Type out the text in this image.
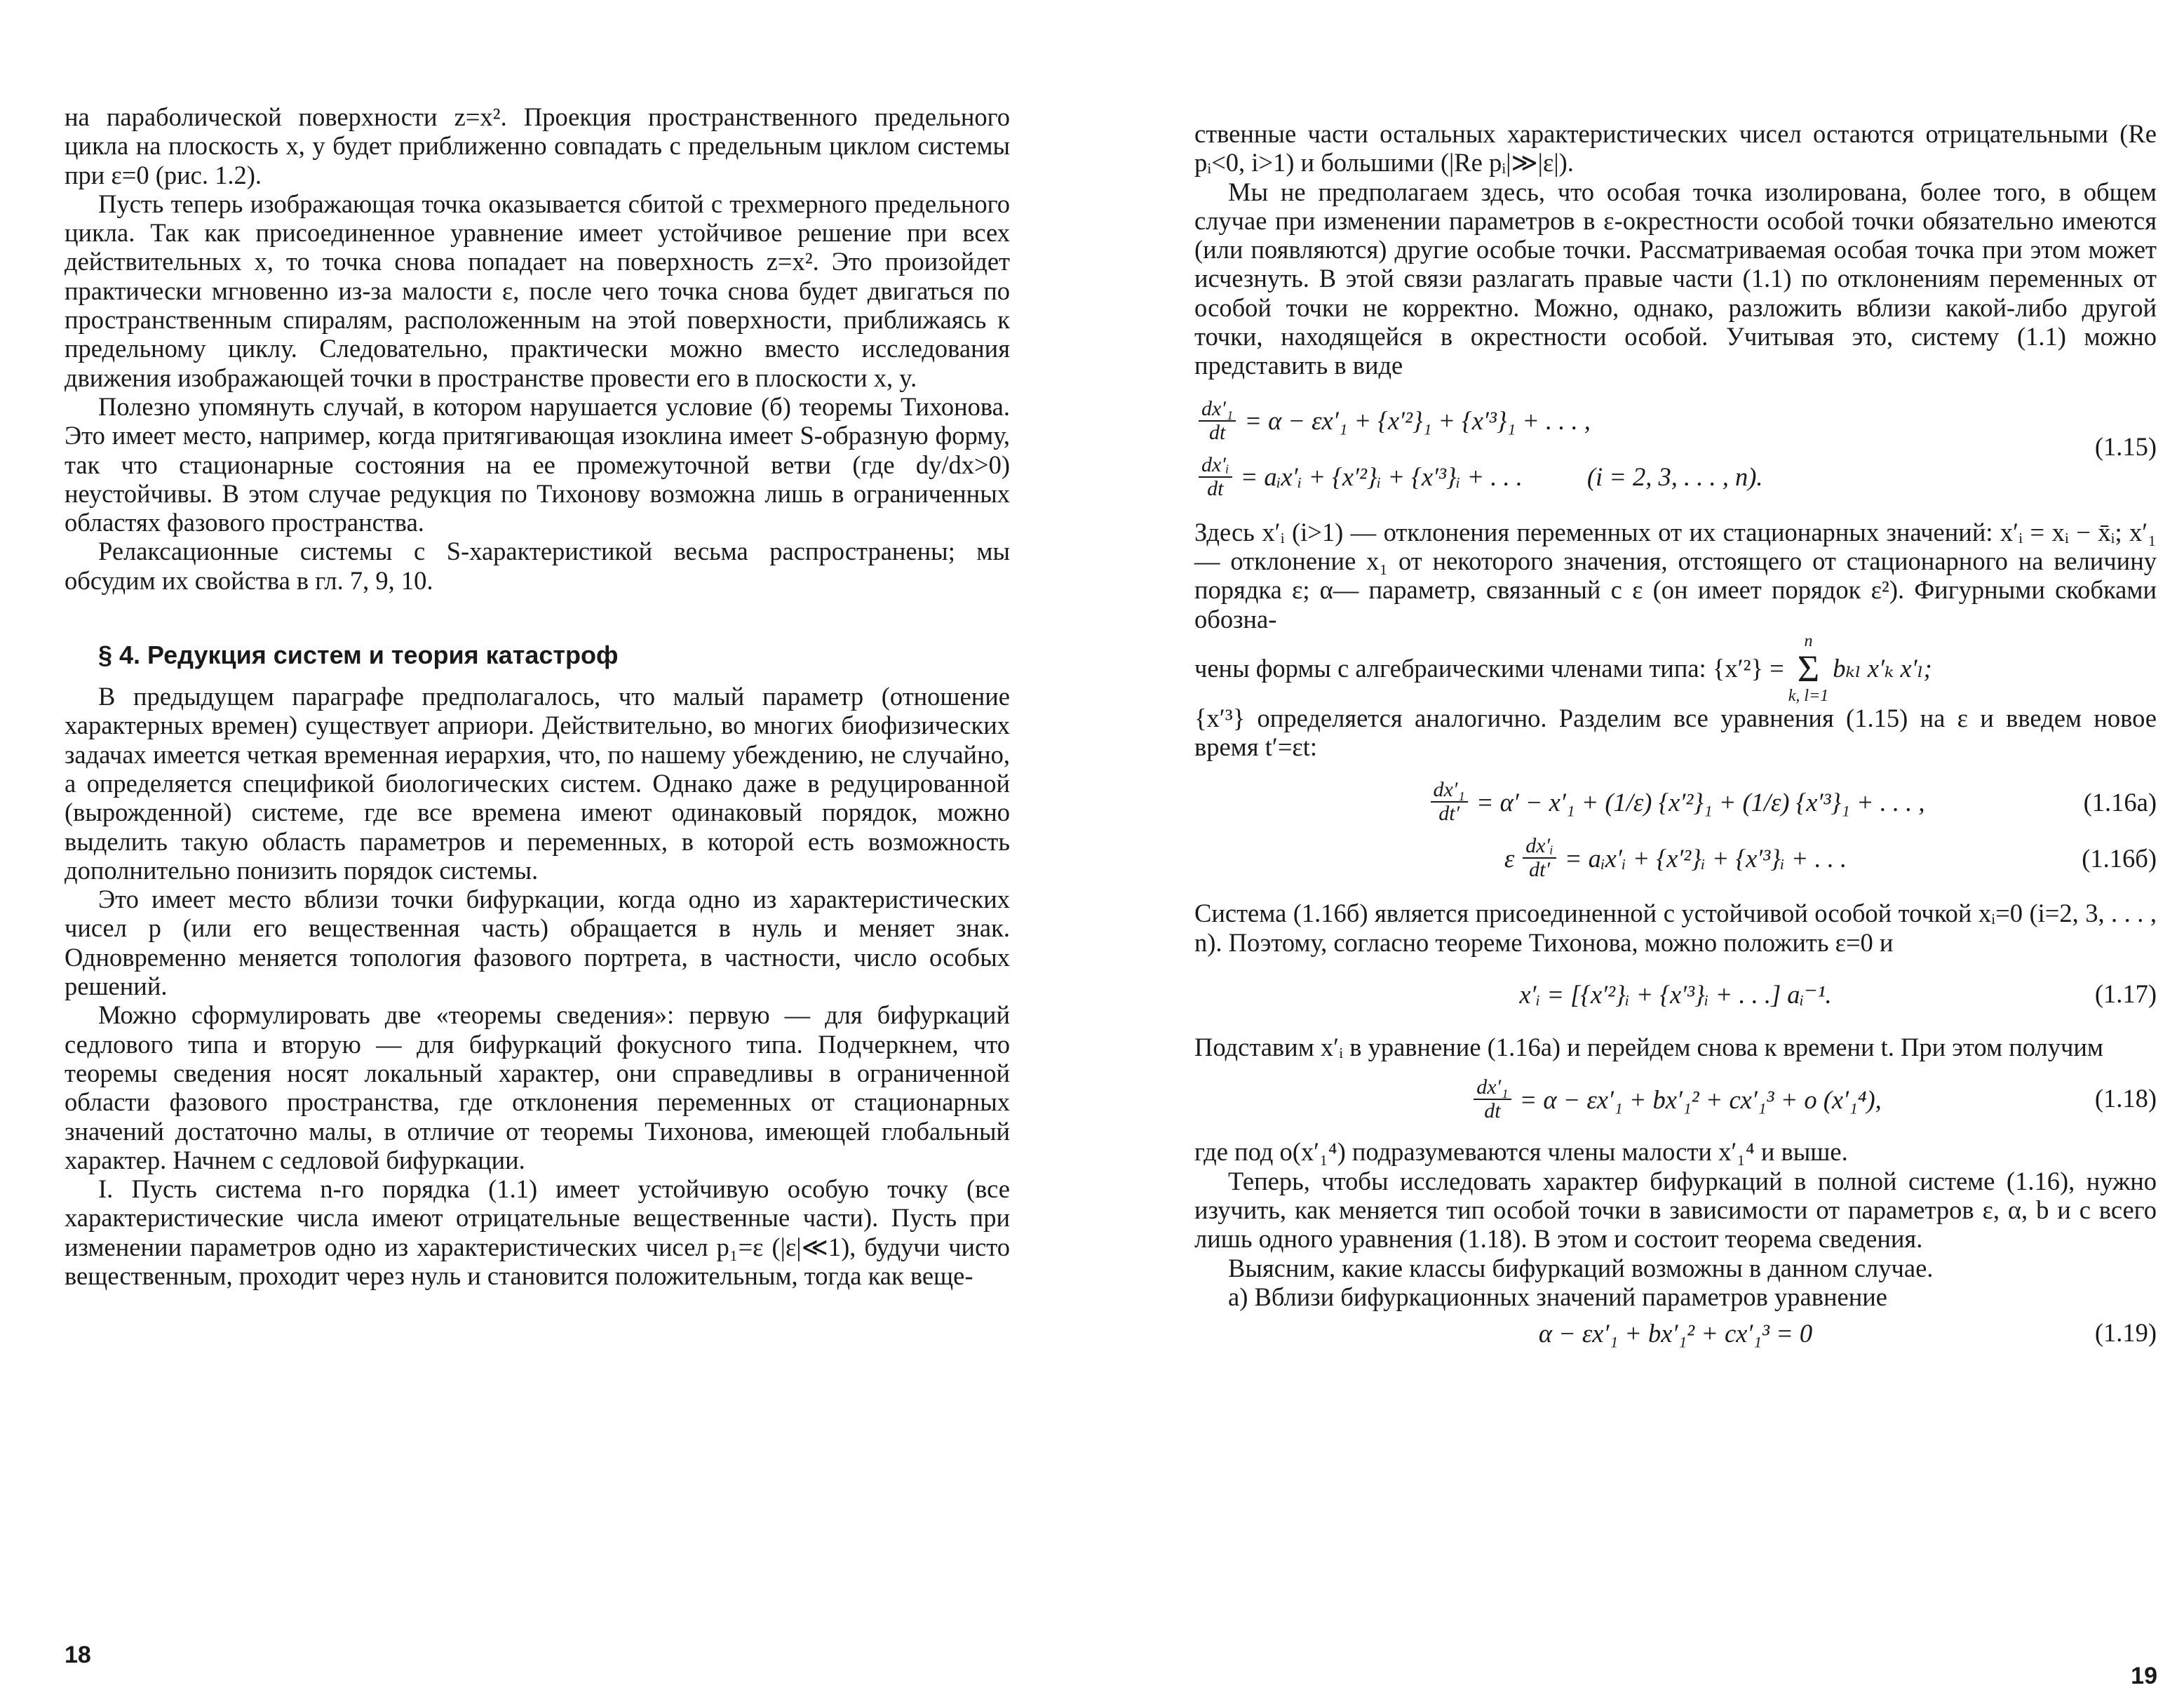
на параболической поверхности z=x². Проекция пространственного предельного цикла на плоскость x, y будет приближенно совпадать с предельным циклом системы при ε=0 (рис. 1.2).

Пусть теперь изображающая точка оказывается сбитой с трехмерного предельного цикла. Так как присоединенное уравнение имеет устойчивое решение при всех действительных x, то точка снова попадает на поверхность z=x². Это произойдет практически мгновенно из-за малости ε, после чего точка снова будет двигаться по пространственным спиралям, расположенным на этой поверхности, приближаясь к предельному циклу. Следовательно, практически можно вместо исследования движения изображающей точки в пространстве провести его в плоскости x, y.

Полезно упомянуть случай, в котором нарушается условие (б) теоремы Тихонова. Это имеет место, например, когда притягивающая изоклина имеет S-образную форму, так что стационарные состояния на ее промежуточной ветви (где dy/dx>0) неустойчивы. В этом случае редукция по Тихонову возможна лишь в ограниченных областях фазового пространства.

Релаксационные системы с S-характеристикой весьма распространены; мы обсудим их свойства в гл. 7, 9, 10.

§ 4. Редукция систем и теория катастроф

В предыдущем параграфе предполагалось, что малый параметр (отношение характерных времен) существует априори. Действительно, во многих биофизических задачах имеется четкая временная иерархия, что, по нашему убеждению, не случайно, а определяется спецификой биологических систем. Однако даже в редуцированной (вырожденной) системе, где все времена имеют одинаковый порядок, можно выделить такую область параметров и переменных, в которой есть возможность дополнительно понизить порядок системы.

Это имеет место вблизи точки бифуркации, когда одно из характеристических чисел p (или его вещественная часть) обращается в нуль и меняет знак. Одновременно меняется топология фазового портрета, в частности, число особых решений.

Можно сформулировать две «теоремы сведения»: первую — для бифуркаций седлового типа и вторую — для бифуркаций фокусного типа. Подчеркнем, что теоремы сведения носят локальный характер, они справедливы в ограниченной области фазового пространства, где отклонения переменных от стационарных значений достаточно малы, в отличие от теоремы Тихонова, имеющей глобальный характер. Начнем с седловой бифуркации.

I. Пусть система n-го порядка (1.1) имеет устойчивую особую точку (все характеристические числа имеют отрицательные вещественные части). Пусть при изменении параметров одно из характеристических чисел p₁=ε (|ε|≪1), будучи чисто вещественным, проходит через нуль и становится положительным, тогда как веще-

18

ственные части остальных характеристических чисел остаются отрицательными (Re pᵢ<0, i>1) и большими (|Re pᵢ|≫|ε|).

Мы не предполагаем здесь, что особая точка изолирована, более того, в общем случае при изменении параметров в ε-окрестности особой точки обязательно имеются (или появляются) другие особые точки. Рассматриваемая особая точка при этом может исчезнуть. В этой связи разлагать правые части (1.1) по отклонениям переменных от особой точки не корректно. Можно, однако, разложить вблизи какой-либо другой точки, находящейся в окрестности особой. Учитывая это, систему (1.1) можно представить в виде

$\frac{\text{dx′₁}}{dt} = \alpha - \varepsilon x'_1 + \{x'^2\}_1 + \{x'^3\}_1$ + . . . ,
$\frac{\text{dx′ᵢ}}{dt}$ = aᵢx′ᵢ + {x′²}ᵢ + {x′³}ᵢ + . . .	(i = 2, 3, . . . , n).
(1.15)

Здесь x′ᵢ (i>1) — отклонения переменных от их стационарных значений: x′ᵢ = xᵢ − x̄ᵢ; x′₁ — отклонение x₁ от некоторого значения, отстоящего от стационарного на величину порядка ε; α— параметр, связанный с ε (он имеет порядок ε²). Фигурными скобками обозна-

чены формы с алгебраическими членами типа: {x′²} =
n
Σ
k, l=1
bₖₗ x′ₖ x′ₗ;

{x′³} определяется аналогично. Разделим все уравнения (1.15) на ε и введем новое время t′=εt:

$\frac{\text{dx′₁}}{dt'} = \alpha' - x'_1 + (1/\varepsilon) \{x'^2\}_1 + (1/\varepsilon) \{x'^3\}_1$ + . . . ,	(1.16а)
ε $\frac{\text{dx′ᵢ}}{dt'}$ = aᵢx′ᵢ + {x′²}ᵢ + {x′³}ᵢ + . . .	(1.16б)

Система (1.16б) является присоединенной с устойчивой особой точкой xᵢ=0 (i=2, 3, . . . , n). Поэтому, согласно теореме Тихонова, можно положить ε=0 и

x′ᵢ = [{x′²}ᵢ + {x′³}ᵢ + . . .] aᵢ⁻¹.	(1.17)

Подставим x′ᵢ в уравнение (1.16а) и перейдем снова к времени t. При этом получим

$\frac{\text{dx′₁}}{dt} = \alpha - \varepsilon x'_1 + bx'_1^2 + cx'_1^3 + o$ (x′₁⁴),	(1.18)

где под o(x′₁⁴) подразумеваются члены малости x′₁⁴ и выше.

Теперь, чтобы исследовать характер бифуркаций в полной системе (1.16), нужно изучить, как меняется тип особой точки в зависимости от параметров ε, α, b и c всего лишь одного уравнения (1.18). В этом и состоит теорема сведения.

Выясним, какие классы бифуркаций возможны в данном случае.

а) Вблизи бифуркационных значений параметров уравнение

α − εx′₁ + bx′₁² + cx′₁³ = 0	(1.19)
19
